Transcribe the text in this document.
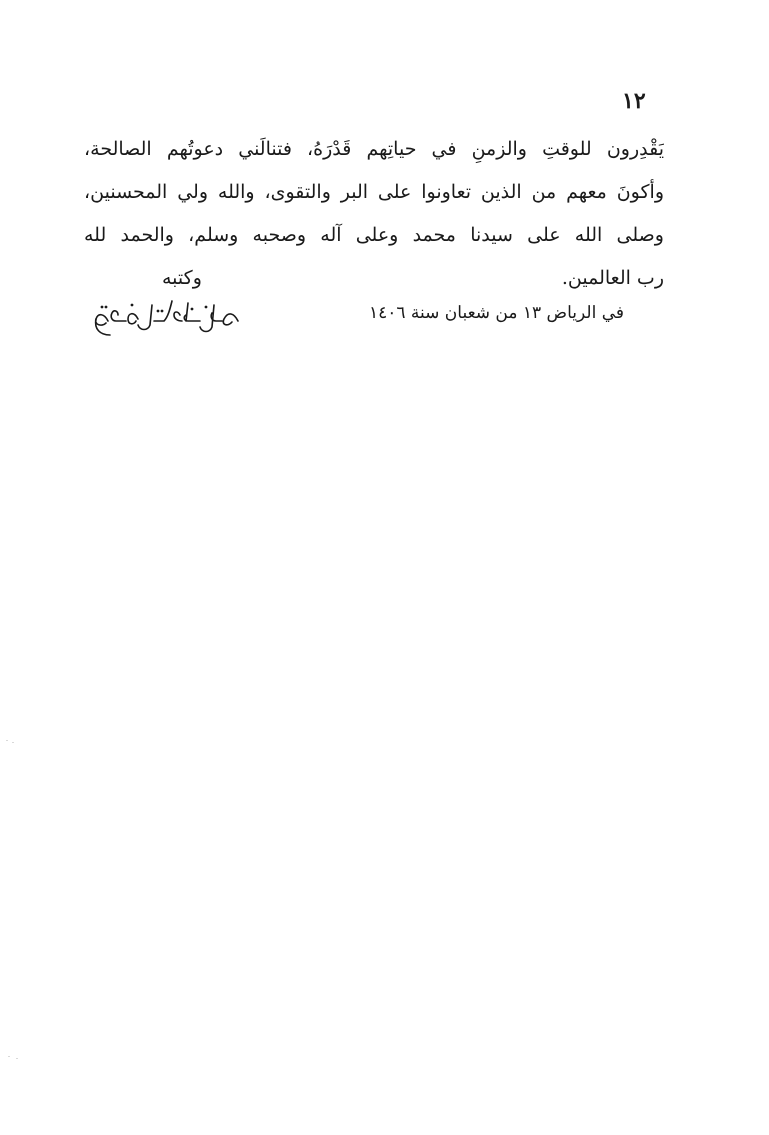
١٢
يَقْدِرون للوقتِ والزمنِ في حياتِهم قَدْرَهُ، فتنالَني دعوتُهم الصالحة،
وأكونَ معهم من الذين تعاونوا على البر والتقوى، والله ولي المحسنين،
وصلى الله على سيدنا محمد وعلى آله وصحبه وسلم، والحمد لله
رب العالمين.
وكتبه
في الرياض ١٣ من شعبان سنة ١٤٠٦
